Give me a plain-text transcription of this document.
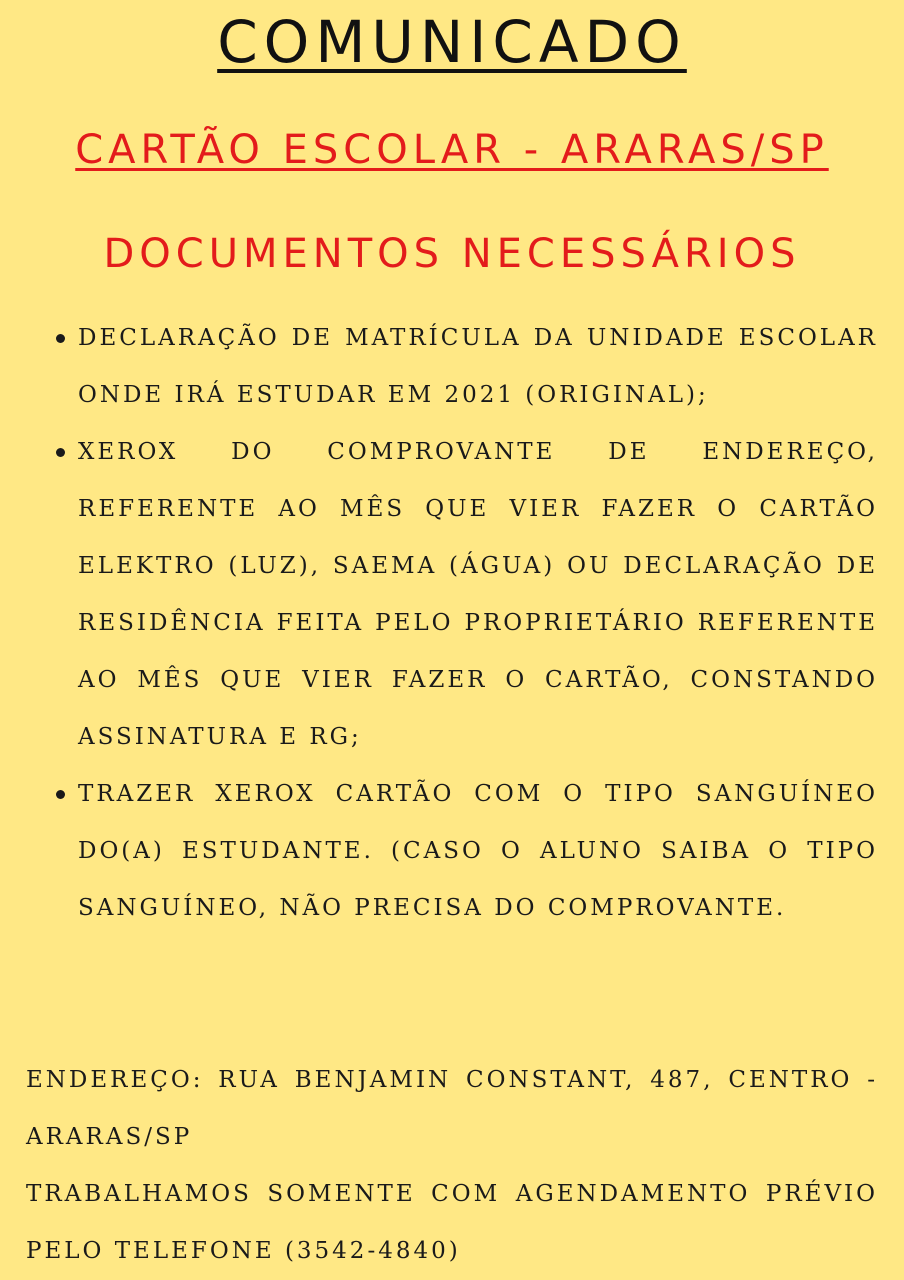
COMUNICADO
CARTÃO ESCOLAR - ARARAS/SP
DOCUMENTOS NECESSÁRIOS
DECLARAÇÃO DE MATRÍCULA DA UNIDADE ESCOLAR ONDE IRÁ ESTUDAR EM 2021 (ORIGINAL);
XEROX DO COMPROVANTE DE ENDEREÇO, REFERENTE AO MÊS QUE VIER FAZER O CARTÃO ELEKTRO (LUZ), SAEMA (ÁGUA) OU DECLARAÇÃO DE RESIDÊNCIA FEITA PELO PROPRIETÁRIO REFERENTE AO MÊS QUE VIER FAZER O CARTÃO, CONSTANDO ASSINATURA E RG;
TRAZER XEROX CARTÃO COM O TIPO SANGUÍNEO DO(A) ESTUDANTE. (CASO O ALUNO SAIBA O TIPO SANGUÍNEO, NÃO PRECISA DO COMPROVANTE.

ENDEREÇO: RUA BENJAMIN CONSTANT, 487, CENTRO - ARARAS/SP

TRABALHAMOS SOMENTE COM AGENDAMENTO PRÉVIO PELO TELEFONE (3542-4840)
